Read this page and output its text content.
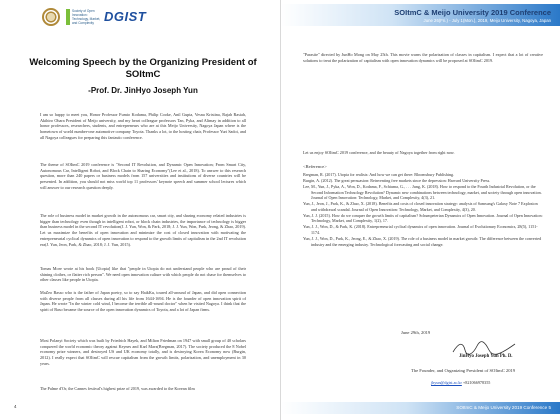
Society of Open Innovation: Technology, Market, and Complexity DGIST
Welcoming Speech by the Organizing President of SOItmC
-Prof. Dr. JinHyo Joseph Yun
I am so happy to meet you, Honor Professor Fumio Kodama, Philip Cooke, Anil Gupta, Vesna Kristina, Rajah Rasiah, Akihiro Ohara President of Meijo university, and my heart colleague professors Tan, Pyka, and Alimay in addition to all honor professors, researchers, students, and entrepreneurs who are at this Meijo University, Nagoya Japan where is the hometown of world number-one automotive company Toyota. Thanks a lot, to the hosting chair, Professor Yuri Sadoi, and all Nagoya colleagues for preparing this fantastic conference.
The theme of SOItmC 2019 conference is "Second IT Revolution, and Dynamic Open Innovation; From Smart City, Autonomous Car, Intelligent Robot, and Block Chain to Sharing Economy"(Lee et al., 2018). To answer to this research question, more than 240 papers or business models from 157 universities and institutions of diverse countries will be presented. In addition, you should not miss world top 11 professors' keynote speech and summer school lectures which will answer to our research question deeply.
The role of business model in market growth in the autonomous car, smart city, and sharing economy related industries is bigger than technology even though in intelligent robot, or block chain industries, the importance of technology is bigger than business model in the second IT revolution(J. J. Yun, Won, & Park, 2018; J. J. Yun, Won, Park, Jeong, & Zhao, 2019). Let us maximize the benefits of open innovation and minimize the cost of closed innovation with motivating the entrepreneurial cyclical dynamics of open innovation to respond to the growth limits of capitalism in the 2nd IT revolution era(J. Yun, Jeon, Park, & Zhao, 2018; J. J. Yun, 2015).
Tomas More wrote at his book [Utopia] like that "people in Utopia do not understand people who are proud of their shining clothes, or flatter rich person". We need open innovation culture with which people do not chase for themselves to other classes like people in Utopia.
MaZeo Basso who is the father of Japan poetry, so to say HaikKu, toured all-around of Japan, and did open connection with diverse people from all classes during all his life from 1644-1694. He is the founder of open innovation spirit of Japan. He wrote "In the winter cold wind, I become the terrible all-round doctor" when he visited Nagoya. I think that the spirit of Baso became the source of the open innovation dynamics of Toyota, and a lot of Japan firms.
Most Polanyi Society which was built by Friedrich Hayek, and Milton Friedman on 1947 with small group of 40 scholars conquered the world economic theory against Keynes and Karl Marx(Bregman, 2017). The society produced the 8 Nobel economy prize winners, and destroyed US and UK economy totally, and is destroying Korea Economy now (Burgin, 2012). I really expect that SOItmC will rescue capitalism from the growth limits, polarization, and unemployment in 30 years.
The Palme d'Or, the Cannes festival's highest prize of 2019, was awarded to the Korean film
4
SOItmC & Meijo University 2019 Conference
June 26(Fri.) - July 1(Mon.), 2019, Meijo University, Nagoya, Japan
"Parasite" directed by JunHo Mong on May 25th. This movie warns the polarization of classes in capitalism. I expect that a lot of creative solutions to treat the polarization of capitalism with open innovation dynamics will be proposed at SOItmC 2019.
Let us enjoy SOItmC 2019 conference, and the beauty of Nagoya together from right now.
<Reference>

Bregman, R. (2017). Utopia for realists: And how we can get there: Bloomsbury Publishing.

Burgin, A. (2012). The great persuasion: Reinventing free markets since the depression: Harvard University Press.

Lee, M., Yun, J., Pyka, A., Won, D., Kodama, F., Schiuma, G., . . . Jung, K. (2018). How to respond to the Fourth Industrial Revolution, or the Second Information Technology Revolution? Dynamic new combinations between technology, market, and society through open innovation. Journal of Open Innovation: Technology, Market, and Complexity, 4(3), 21.

Yun, J., Jeon, J., Park, K., & Zhao, X. (2018). Benefits and costs of closed innovation strategy: analysis of Samsung's Galaxy Note 7 Explosion and withdrawal scandal. Journal of Open Innovation: Technology, Market, and Complexity, 4(3), 20.

Yun, J. J. (2015). How do we conquer the growth limits of capitalism? Schumpeterian Dynamics of Open Innovation. Journal of Open Innovation: Technology, Market, and Complexity, 1(2), 17.

Yun, J. J., Won, D., & Park, K. (2018). Entrepreneurial cyclical dynamics of open innovation. Journal of Evolutionary Economics, 28(5), 1151-1174.

Yun, J. J., Won, D., Park, K., Jeong, E., & Zhao, X. (2019). The role of a business model in market growth: The difference between the converted industry and the emerging industry. Technological forecasting and social change.

June 29th, 2019
JinHyo Joseph Yun Ph. D.
The Founder, and Organizing President of SOItmC 2019
jhyun@dgist.ac.kr +821066978355
SOItmC & Meijo University 2019 Conference 5
